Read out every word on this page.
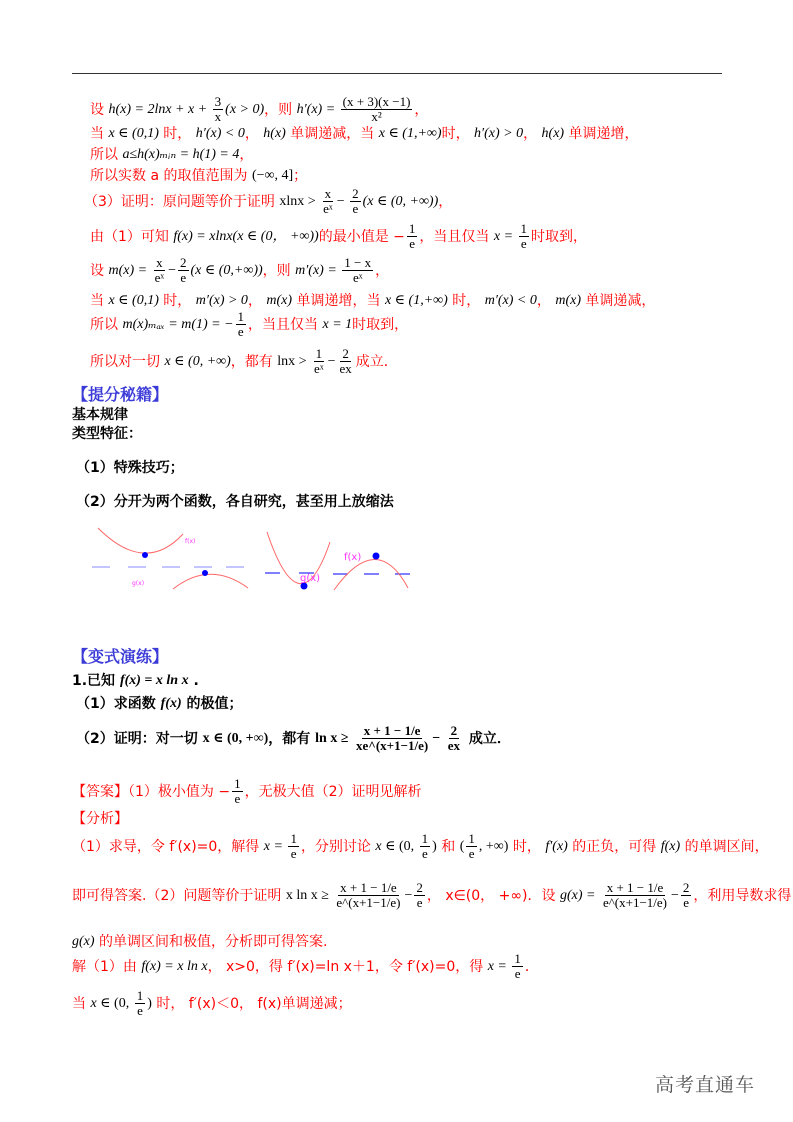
设 $h(x) = 2\ln x + x + \frac{3}{x} (x > 0)$ ，则 $h'(x) = \frac{(x + 3)(x -1)}{\text{x²}}$ ，
当 x ∈ (0,1) 时， h′(x) < 0 ， h(x) 单调递减，当 x ∈ (1,+∞) 时， h′(x) > 0 ， h(x) 单调递增，
所以 a≤h(x)ₘᵢₙ = h(1) = 4 ，
所以实数 a 的取值范围为 (−∞, 4] ；
（3）证明：原问题等价于证明 $xlnx > \frac{x}{\text{eˣ}} - \frac{2}{e} (x$ ∈ (0, +∞)) ，
由（1）可知 f(x) = xlnx(x ∈ (0， +∞)) 的最小值是 − $\frac{1}{e}$ ，当且仅当 $x = \frac{1}{e}$ 时取到，
设 $m(x) = \frac{x}{\text{eˣ}} - \frac{2}{e} (x$ ∈ (0,+∞)) ，则 $m'(x) = \frac{1 - x}{\text{eˣ}}$ ，
当 x ∈ (0,1) 时， m′(x) > 0 ， m(x) 单调递增，当 x ∈ (1,+∞) 时， m′(x) < 0 ， m(x) 单调递减，
所以 m(x)ₘₐₓ = m(1) = − $\frac{1}{e}$ ，当且仅当 x = 1 时取到，
所以对一切 x ∈ (0, +∞) ，都有 $\ln x > \frac{1}{\text{eˣ}} - \frac{2}{ex}$ 成立．
【提分秘籍】
基本规律
类型特征：
（1）特殊技巧；
（2）分开为两个函数，各自研究，甚至用上放缩法
【变式演练】
1.已知 f(x) = x ln x .
（1）求函数 f(x) 的极值；
（2）证明：对一切 x ∈ (0, +∞) ，都有 $\ln x \ge \frac{x + 1 - 1/e}{xe\^{}(x+1-1/e)} - \frac{2}{ex}$ 成立．
【答案】（1）极小值为 − $\frac{1}{e}$ ，无极大值（2）证明见解析
【分析】
（1）求导，令 f′(x)=0，解得 $x = \frac{1}{e}$ ，分别讨论 x ∈ (0, $\frac{1}{e}$ ) 和 ( $\frac{1}{e}$ , +∞) 时， f′(x) 的正负，可得 f(x) 的单调区间，
即可得答案.（2）问题等价于证明 x $\ln x \ge \frac{x + 1 - 1/e}{e\^{}(x+1-1/e)} - \frac{2}{e}$ ， x∈(0， +∞)．设 $g(x) = \frac{x + 1 - 1/e}{e\^{}(x+1-1/e)} - \frac{2}{e}$ ，利用导数求得
g(x) 的单调区间和极值，分析即可得答案.
解（1）由 f(x) = x ln x ， x>0，得 f′(x)=ln x＋1，令 f′(x)=0，得 $x = \frac{1}{e}$ ．
当 x ∈ (0, $\frac{1}{e}$ ) 时， f′(x)＜0， f(x)单调递减；
f(x)
g(x)	g(x)
f(x)
高考直通车
